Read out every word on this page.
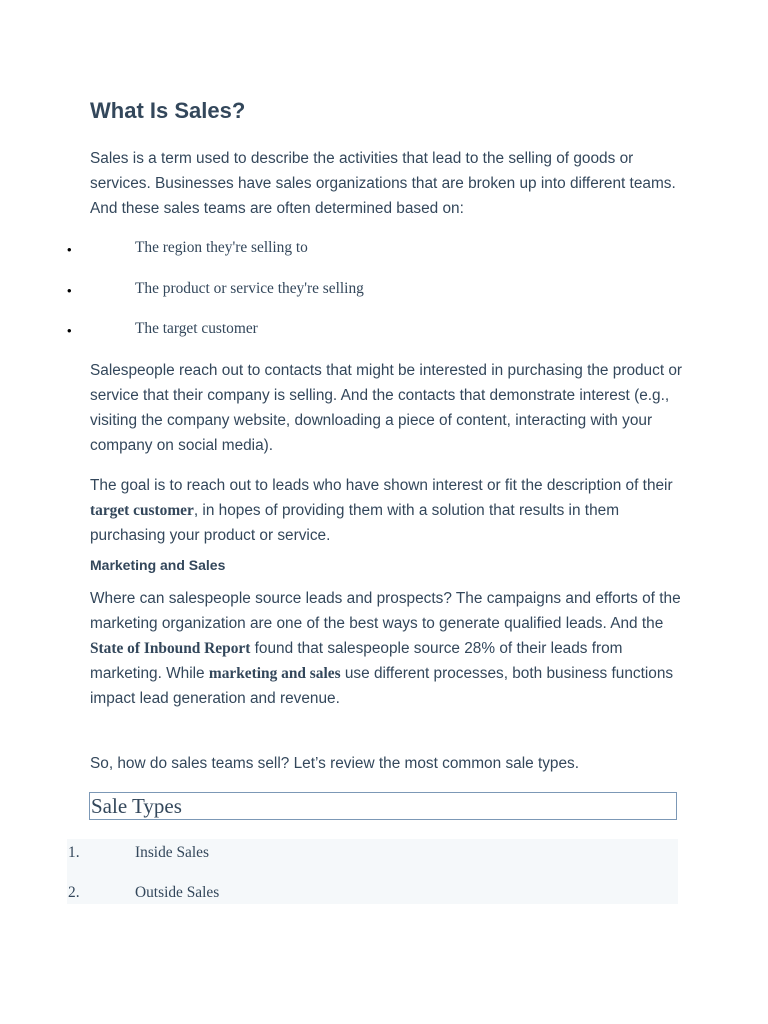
What Is Sales?

Sales is a term used to describe the activities that lead to the selling of goods or services. Businesses have sales organizations that are broken up into different teams. And these sales teams are often determined based on:

•	The region they're selling to
•	The product or service they're selling
•	The target customer

Salespeople reach out to contacts that might be interested in purchasing the product or service that their company is selling. And the contacts that demonstrate interest (e.g., visiting the company website, downloading a piece of content, interacting with your company on social media).

The goal is to reach out to leads who have shown interest or fit the description of their target customer, in hopes of providing them with a solution that results in them purchasing your product or service.

Marketing and Sales

Where can salespeople source leads and prospects? The campaigns and efforts of the marketing organization are one of the best ways to generate qualified leads. And the State of Inbound Report found that salespeople source 28% of their leads from marketing. While marketing and sales use different processes, both business functions impact lead generation and revenue.

So, how do sales teams sell? Let’s review the most common sale types.

Sale Types
1.	Inside Sales
2.	Outside Sales
